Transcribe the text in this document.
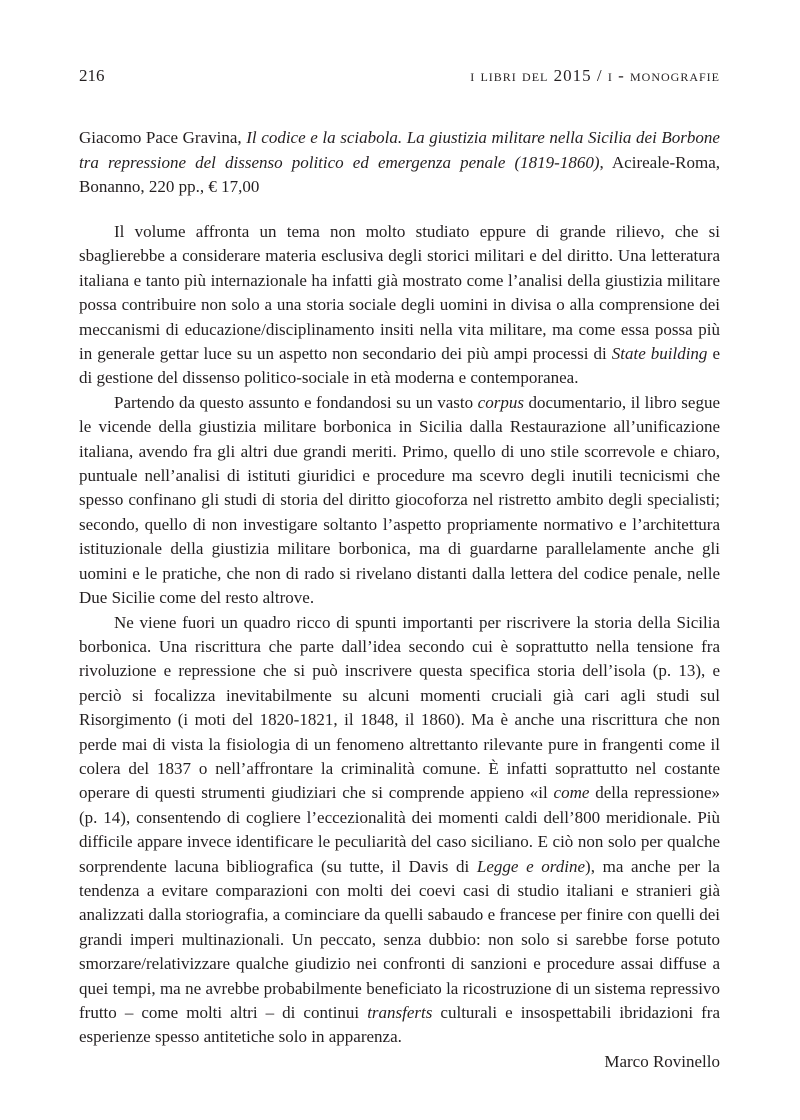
216	i libri del 2015 / i - monografie
Giacomo Pace Gravina, Il codice e la sciabola. La giustizia militare nella Sicilia dei Borbone tra repressione del dissenso politico ed emergenza penale (1819-1860), Acireale-Roma, Bonanno, 220 pp., € 17,00

Il volume affronta un tema non molto studiato eppure di grande rilievo, che si sbaglierebbe a considerare materia esclusiva degli storici militari e del diritto. Una letteratura italiana e tanto più internazionale ha infatti già mostrato come l’analisi della giustizia militare possa contribuire non solo a una storia sociale degli uomini in divisa o alla comprensione dei meccanismi di educazione/disciplinamento insiti nella vita militare, ma come essa possa più in generale gettar luce su un aspetto non secondario dei più ampi processi di State building e di gestione del dissenso politico-sociale in età moderna e contemporanea.

Partendo da questo assunto e fondandosi su un vasto corpus documentario, il libro segue le vicende della giustizia militare borbonica in Sicilia dalla Restaurazione all’unificazione italiana, avendo fra gli altri due grandi meriti. Primo, quello di uno stile scorrevole e chiaro, puntuale nell’analisi di istituti giuridici e procedure ma scevro degli inutili tecnicismi che spesso confinano gli studi di storia del diritto giocoforza nel ristretto ambito degli specialisti; secondo, quello di non investigare soltanto l’aspetto propriamente normativo e l’architettura istituzionale della giustizia militare borbonica, ma di guardarne parallelamente anche gli uomini e le pratiche, che non di rado si rivelano distanti dalla lettera del codice penale, nelle Due Sicilie come del resto altrove.

Ne viene fuori un quadro ricco di spunti importanti per riscrivere la storia della Sicilia borbonica. Una riscrittura che parte dall’idea secondo cui è soprattutto nella tensione fra rivoluzione e repressione che si può inscrivere questa specifica storia dell’isola (p. 13), e perciò si focalizza inevitabilmente su alcuni momenti cruciali già cari agli studi sul Risorgimento (i moti del 1820-1821, il 1848, il 1860). Ma è anche una riscrittura che non perde mai di vista la fisiologia di un fenomeno altrettanto rilevante pure in frangenti come il colera del 1837 o nell’affrontare la criminalità comune. È infatti soprattutto nel costante operare di questi strumenti giudiziari che si comprende appieno «il come della repressione» (p. 14), consentendo di cogliere l’eccezionalità dei momenti caldi dell’800 meridionale. Più difficile appare invece identificare le peculiarità del caso siciliano. E ciò non solo per qualche sorprendente lacuna bibliografica (su tutte, il Davis di Legge e ordine), ma anche per la tendenza a evitare comparazioni con molti dei coevi casi di studio italiani e stranieri già analizzati dalla storiografia, a cominciare da quelli sabaudo e francese per finire con quelli dei grandi imperi multinazionali. Un peccato, senza dubbio: non solo si sarebbe forse potuto smorzare/relativizzare qualche giudizio nei confronti di sanzioni e procedure assai diffuse a quei tempi, ma ne avrebbe probabilmente beneficiato la ricostruzione di un sistema repressivo frutto – come molti altri – di continui transferts culturali e insospettabili ibridazioni fra esperienze spesso antitetiche solo in apparenza.

Marco Rovinello
